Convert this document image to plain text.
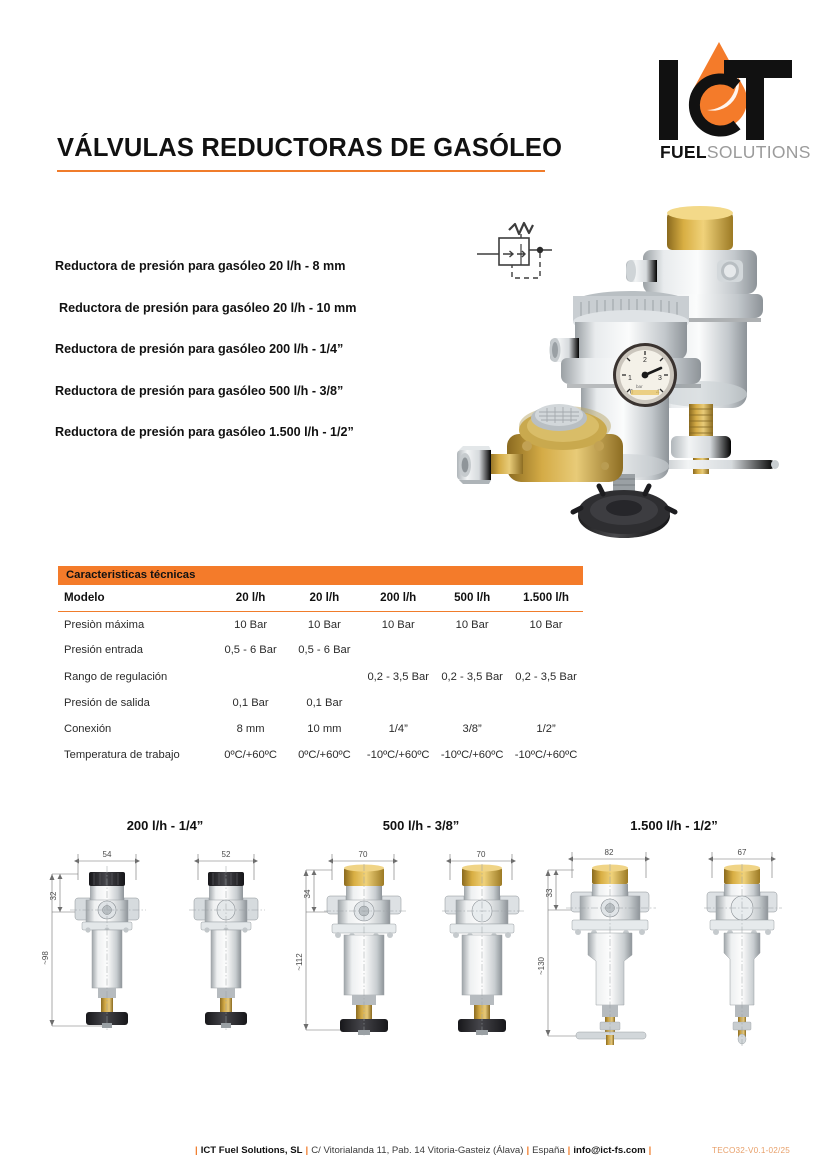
FUELSOLUTIONS
VÁLVULAS REDUCTORAS DE GASÓLEO
Reductora de presión para gasóleo 20 l/h - 8 mm
Reductora de presión para gasóleo 20 l/h - 10 mm
Reductora de presión para gasóleo 200 l/h - 1/4”
Reductora de presión para gasóleo 500 l/h - 3/8”
Reductora de presión para gasóleo 1.500 l/h - 1/2”
1
2
3
bar
Caracteristicas técnicas
Modelo	20 l/h	20 l/h	200 l/h	500 l/h	1.500 l/h
Presiòn máxima	10 Bar	10 Bar	10 Bar	10 Bar	10 Bar
Presión entrada	0,5 - 6 Bar	0,5 - 6 Bar			
Rango de regulación			0,2 - 3,5 Bar	0,2 - 3,5 Bar	0,2 - 3,5 Bar
Presión de salida	0,1 Bar	0,1 Bar			
Conexión	8 mm	10 mm	1/4”	3/8”	1/2”
Temperatura de trabajo	0ºC/+60ºC	0ºC/+60ºC	-10ºC/+60ºC	-10ºC/+60ºC	-10ºC/+60ºC
200 l/h - 1/4”
54
32
~98
52
500 l/h - 3/8”
70
34
~112
70
1.500 l/h - 1/2”
82
33
~130
67
| ICT Fuel Solutions, SL | C/ Vitorialanda 11, Pab. 14 Vitoria-Gasteiz (Álava) | España | info@ict-fs.com |	TECO32-V0.1-02/25
